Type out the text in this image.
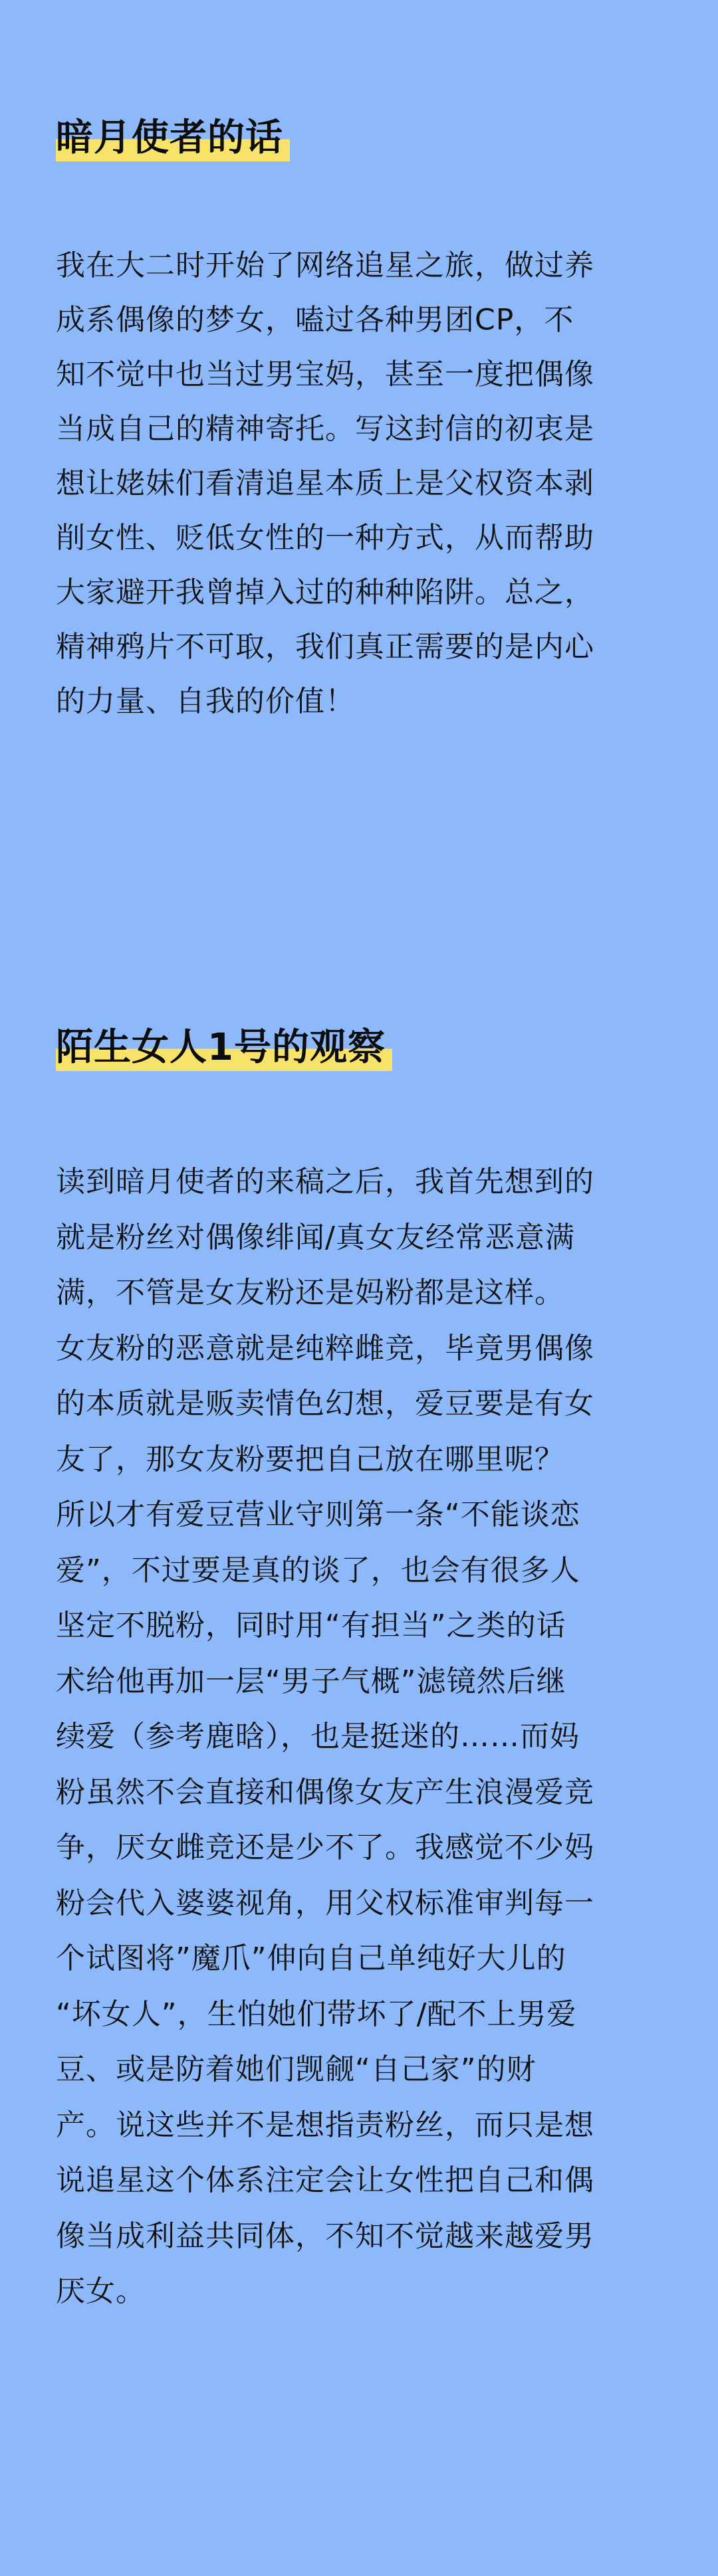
暗月使者的话
我在大二时开始了网络追星之旅，做过养
成系偶像的梦女，嗑过各种男团CP，不
知不觉中也当过男宝妈，甚至一度把偶像
当成自己的精神寄托。写这封信的初衷是
想让姥妹们看清追星本质上是父权资本剥
削女性、贬低女性的一种方式，从而帮助
大家避开我曾掉入过的种种陷阱。总之，
精神鸦片不可取，我们真正需要的是内心
的力量、自我的价值！
陌生女人1号的观察
读到暗月使者的来稿之后，我首先想到的
就是粉丝对偶像绯闻/真女友经常恶意满
满，不管是女友粉还是妈粉都是这样。
女友粉的恶意就是纯粹雌竞，毕竟男偶像
的本质就是贩卖情色幻想，爱豆要是有女
友了，那女友粉要把自己放在哪里呢？
所以才有爱豆营业守则第一条“不能谈恋
爱”，不过要是真的谈了，也会有很多人
坚定不脱粉，同时用“有担当”之类的话
术给他再加一层“男子气概”滤镜然后继
续爱（参考鹿晗），也是挺迷的……而妈
粉虽然不会直接和偶像女友产生浪漫爱竞
争，厌女雌竞还是少不了。我感觉不少妈
粉会代入婆婆视角，用父权标准审判每一
个试图将”魔爪”伸向自己单纯好大儿的
“坏女人”，生怕她们带坏了/配不上男爱
豆、或是防着她们觊觎“自己家”的财
产。说这些并不是想指责粉丝，而只是想
说追星这个体系注定会让女性把自己和偶
像当成利益共同体，不知不觉越来越爱男
厌女。
